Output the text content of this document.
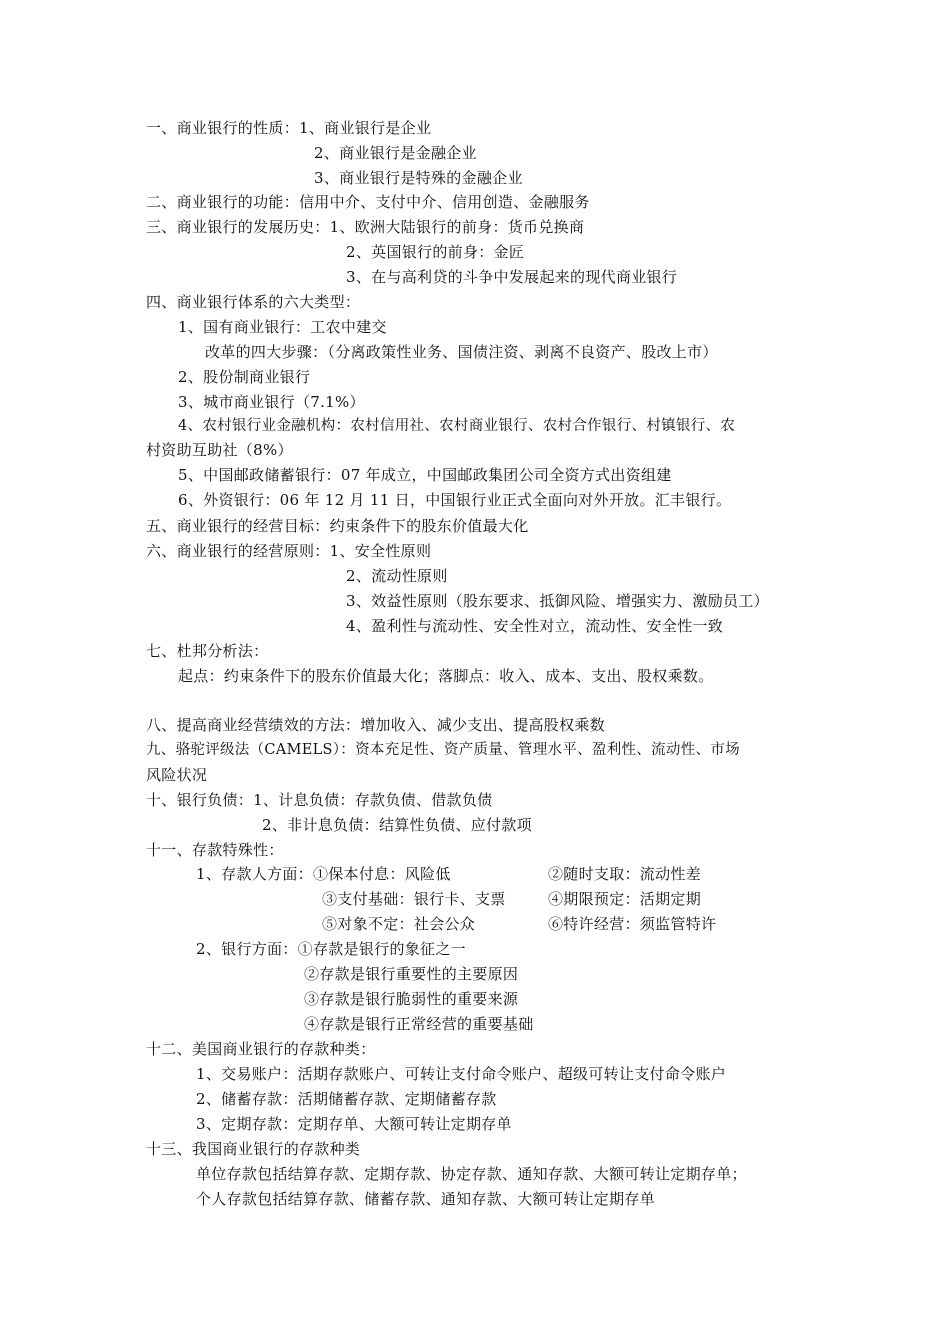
一、商业银行的性质：1、商业银行是企业
2、商业银行是金融企业
3、商业银行是特殊的金融企业
二、商业银行的功能：信用中介、支付中介、信用创造、金融服务
三、商业银行的发展历史：1、欧洲大陆银行的前身：货币兑换商
2、英国银行的前身：金匠
3、在与高利贷的斗争中发展起来的现代商业银行
四、商业银行体系的六大类型：
1、国有商业银行：工农中建交
改革的四大步骤：（分离政策性业务、国债注资、剥离不良资产、股改上市）
2、股份制商业银行
3、城市商业银行（7.1%）
4、农村银行业金融机构：农村信用社、农村商业银行、农村合作银行、村镇银行、农
村资助互助社（8%）
5、中国邮政储蓄银行：07 年成立，中国邮政集团公司全资方式出资组建
6、外资银行：06 年 12 月 11 日，中国银行业正式全面向对外开放。汇丰银行。
五、商业银行的经营目标：约束条件下的股东价值最大化
六、商业银行的经营原则：1、安全性原则
2、流动性原则
3、效益性原则（股东要求、抵御风险、增强实力、激励员工）
4、盈利性与流动性、安全性对立，流动性、安全性一致
七、杜邦分析法：
起点：约束条件下的股东价值最大化；落脚点：收入、成本、支出、股权乘数。
八、提高商业经营绩效的方法：增加收入、减少支出、提高股权乘数
九、骆驼评级法（CAMELS）：资本充足性、资产质量、管理水平、盈利性、流动性、市场
风险状况
十、银行负债：1、计息负债：存款负债、借款负债
2、非计息负债：结算性负债、应付款项
十一、存款特殊性：
1、存款人方面：①保本付息：风险低	②随时支取：流动性差
③支付基础：银行卡、支票	④期限预定：活期定期
⑤对象不定：社会公众	⑥特许经营：须监管特许
2、银行方面：①存款是银行的象征之一
②存款是银行重要性的主要原因
③存款是银行脆弱性的重要来源
④存款是银行正常经营的重要基础
十二、美国商业银行的存款种类：
1、交易账户：活期存款账户、可转让支付命令账户、超级可转让支付命令账户
2、储蓄存款：活期储蓄存款、定期储蓄存款
3、定期存款：定期存单、大额可转让定期存单
十三、我国商业银行的存款种类
单位存款包括结算存款、定期存款、协定存款、通知存款、大额可转让定期存单；
个人存款包括结算存款、储蓄存款、通知存款、大额可转让定期存单
